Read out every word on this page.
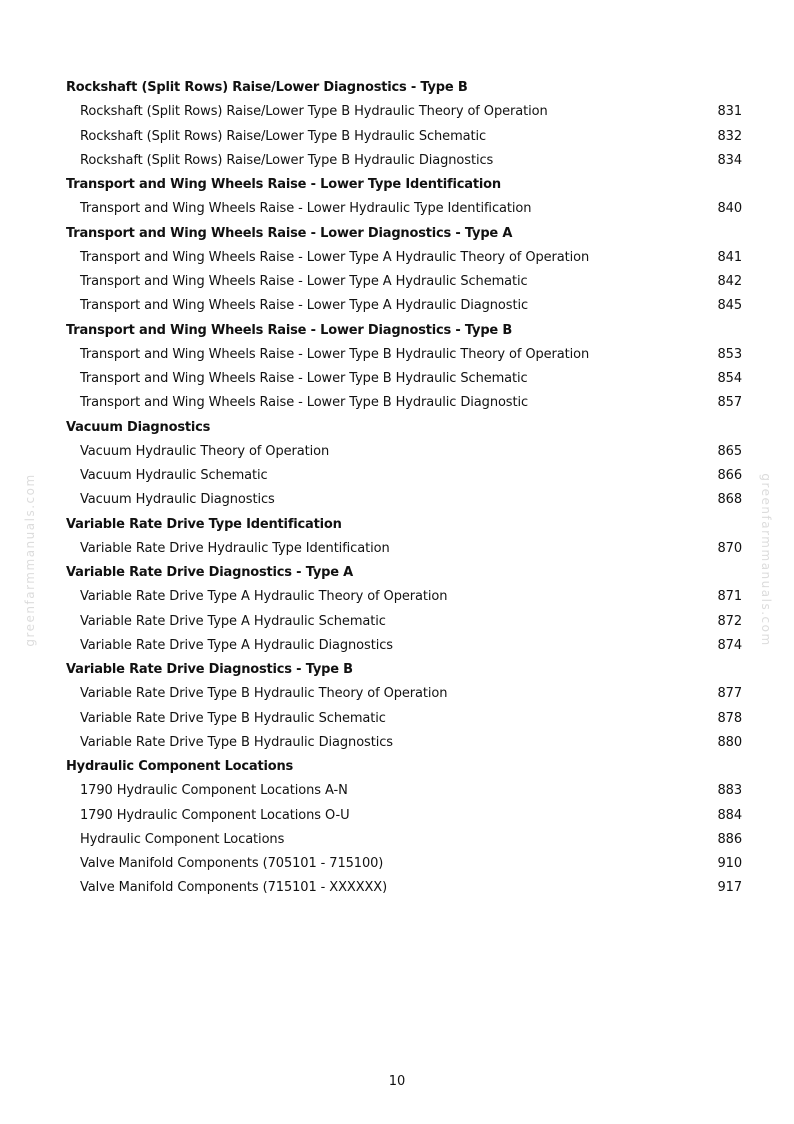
greenfarmmanuals.com	greenfarmmanuals.com
Rockshaft (Split Rows) Raise/Lower Diagnostics - Type B
Rockshaft (Split Rows) Raise/Lower Type B Hydraulic Theory of Operation	831
Rockshaft (Split Rows) Raise/Lower Type B Hydraulic Schematic	832
Rockshaft (Split Rows) Raise/Lower Type B Hydraulic Diagnostics	834
Transport and Wing Wheels Raise - Lower Type Identification
Transport and Wing Wheels Raise - Lower Hydraulic Type Identification	840
Transport and Wing Wheels Raise - Lower Diagnostics - Type A
Transport and Wing Wheels Raise - Lower Type A Hydraulic Theory of Operation	841
Transport and Wing Wheels Raise - Lower Type A Hydraulic Schematic	842
Transport and Wing Wheels Raise - Lower Type A Hydraulic Diagnostic	845
Transport and Wing Wheels Raise - Lower Diagnostics - Type B
Transport and Wing Wheels Raise - Lower Type B Hydraulic Theory of Operation	853
Transport and Wing Wheels Raise - Lower Type B Hydraulic Schematic	854
Transport and Wing Wheels Raise - Lower Type B Hydraulic Diagnostic	857
Vacuum Diagnostics
Vacuum Hydraulic Theory of Operation	865
Vacuum Hydraulic Schematic	866
Vacuum Hydraulic Diagnostics	868
Variable Rate Drive Type Identification
Variable Rate Drive Hydraulic Type Identification	870
Variable Rate Drive Diagnostics - Type A
Variable Rate Drive Type A Hydraulic Theory of Operation	871
Variable Rate Drive Type A Hydraulic Schematic	872
Variable Rate Drive Type A Hydraulic Diagnostics	874
Variable Rate Drive Diagnostics - Type B
Variable Rate Drive Type B Hydraulic Theory of Operation	877
Variable Rate Drive Type B Hydraulic Schematic	878
Variable Rate Drive Type B Hydraulic Diagnostics	880
Hydraulic Component Locations
1790 Hydraulic Component Locations A-N	883
1790 Hydraulic Component Locations O-U	884
Hydraulic Component Locations	886
Valve Manifold Components (705101 - 715100)	910
Valve Manifold Components (715101 - XXXXXX)	917
10
